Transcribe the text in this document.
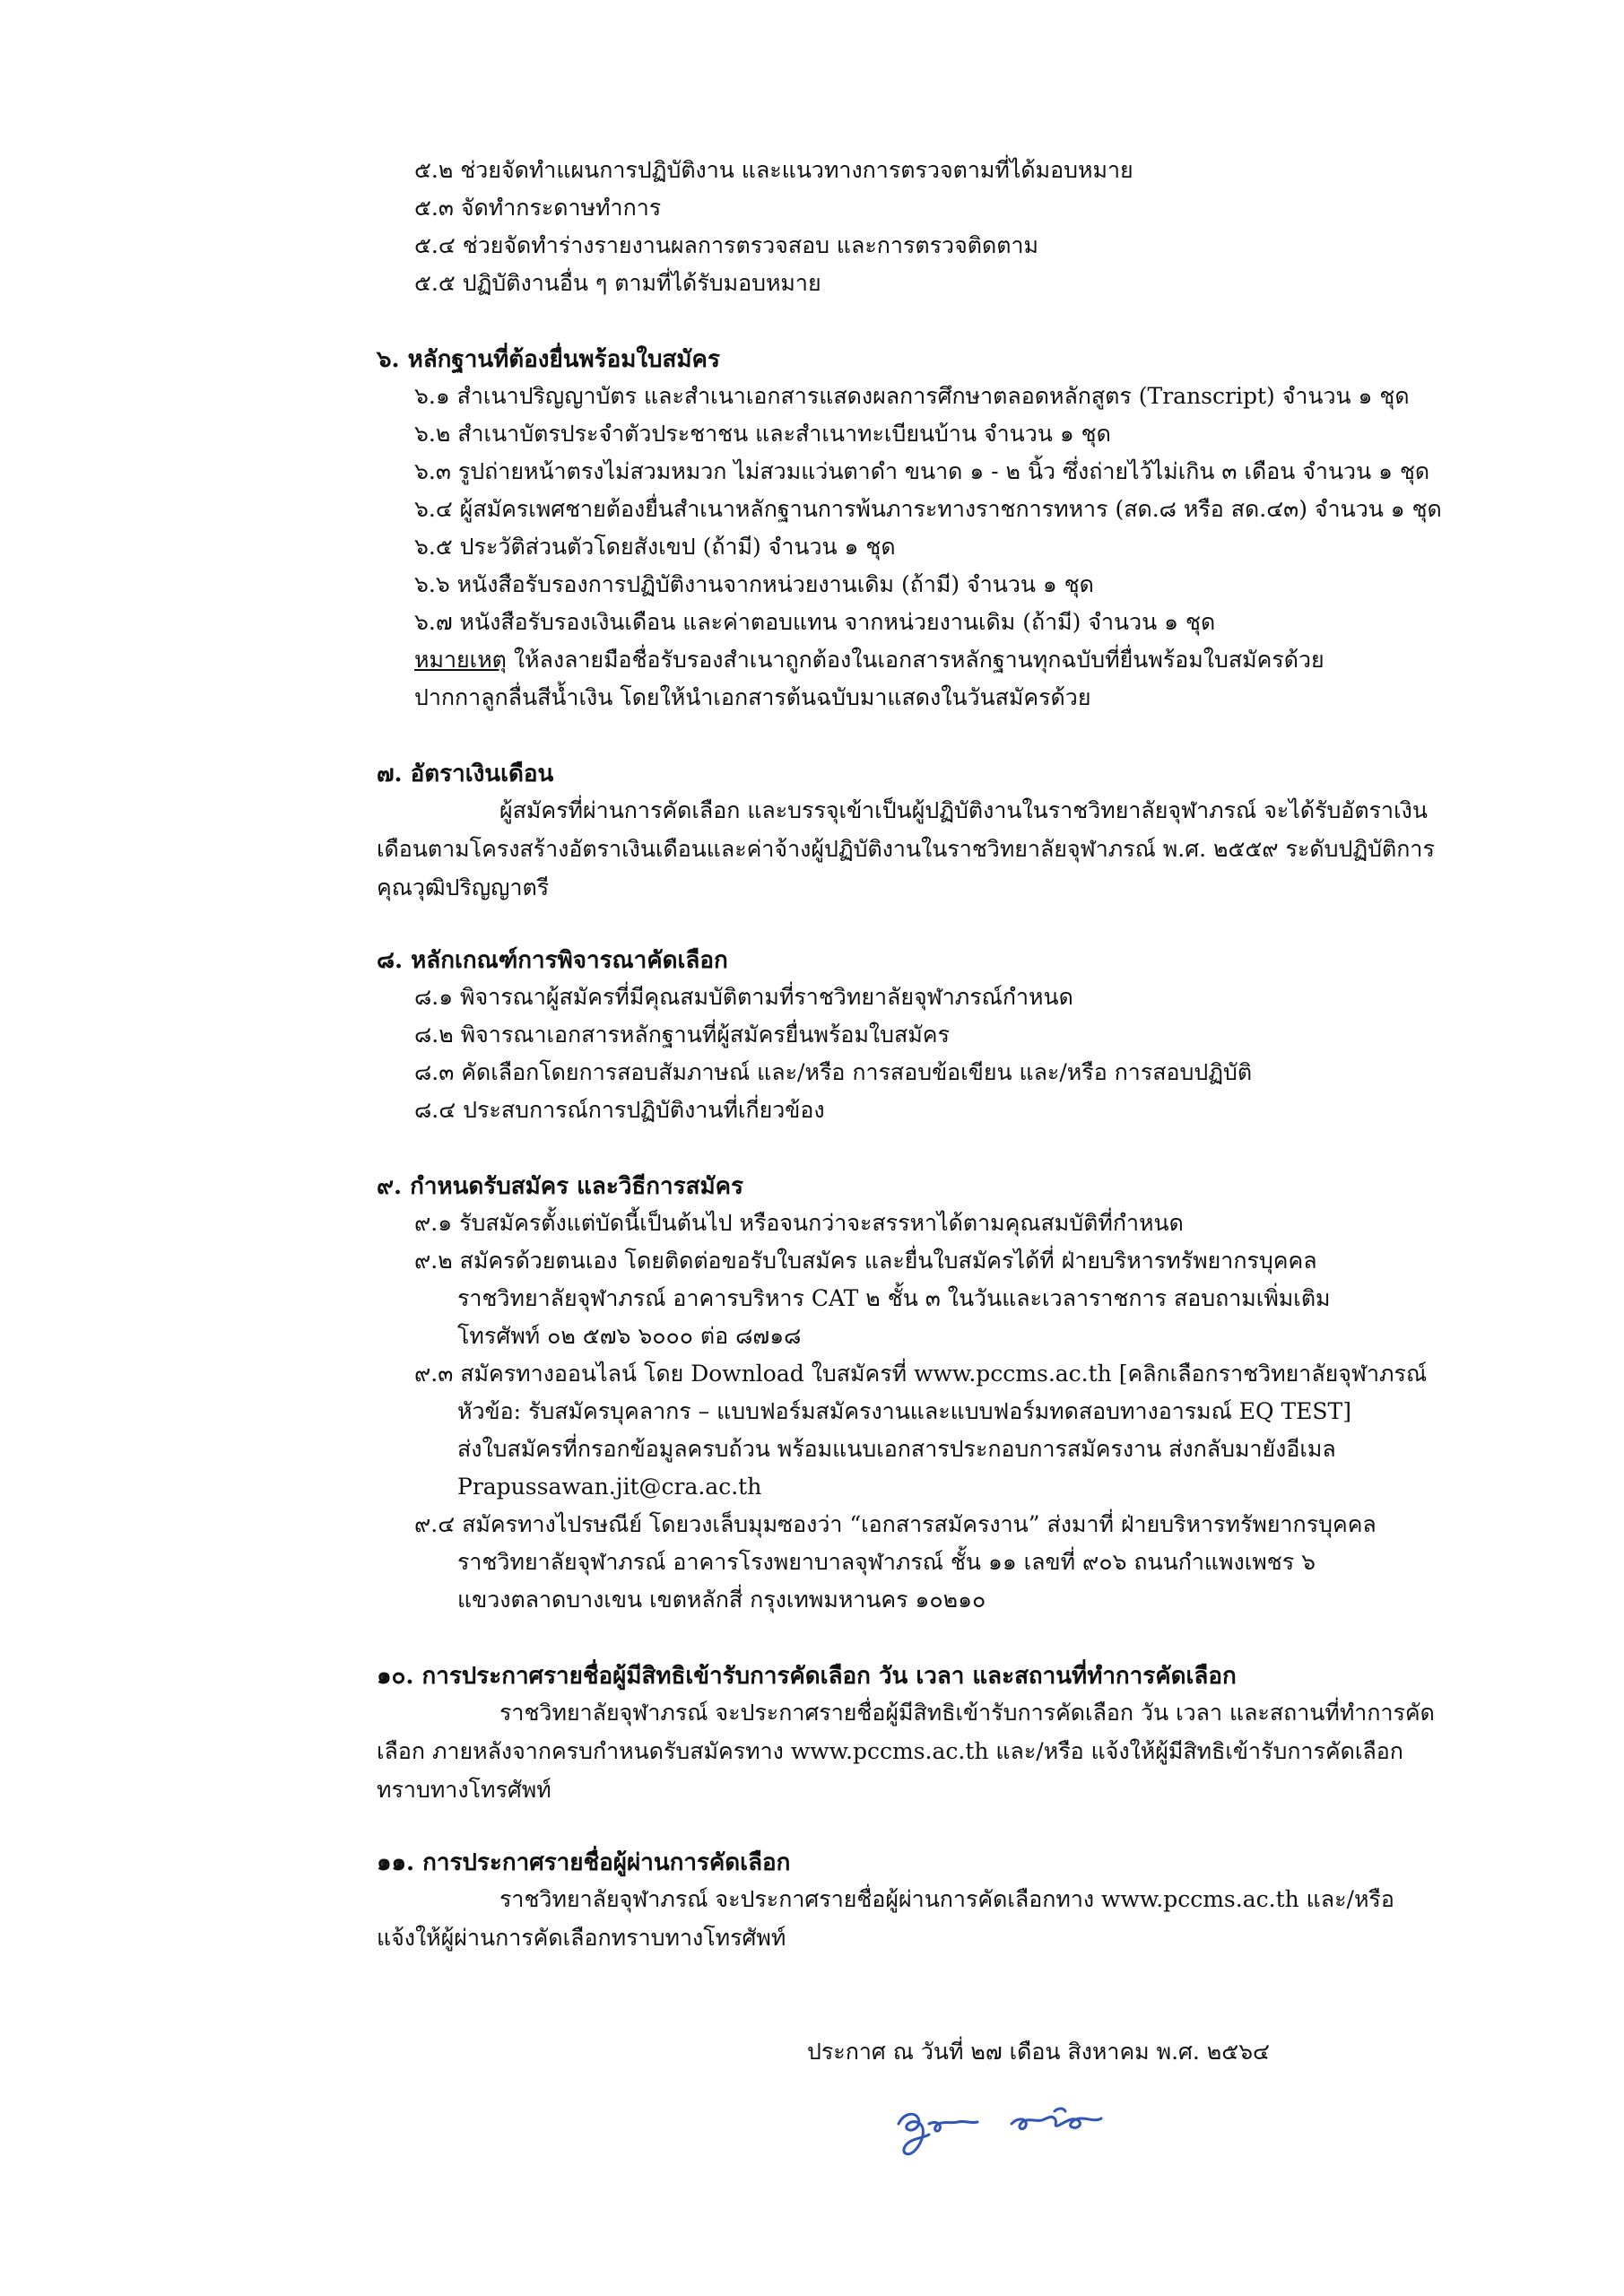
๕.๒ ช่วยจัดทำแผนการปฏิบัติงาน และแนวทางการตรวจตามที่ได้มอบหมาย

๕.๓ จัดทำกระดาษทำการ

๕.๔ ช่วยจัดทำร่างรายงานผลการตรวจสอบ และการตรวจติดตาม

๕.๕ ปฏิบัติงานอื่น ๆ ตามที่ได้รับมอบหมาย

๖. หลักฐานที่ต้องยื่นพร้อมใบสมัคร

๖.๑ สำเนาปริญญาบัตร และสำเนาเอกสารแสดงผลการศึกษาตลอดหลักสูตร (Transcript) จำนวน ๑ ชุด

๖.๒ สำเนาบัตรประจำตัวประชาชน และสำเนาทะเบียนบ้าน จำนวน ๑ ชุด

๖.๓ รูปถ่ายหน้าตรงไม่สวมหมวก ไม่สวมแว่นตาดำ ขนาด ๑ - ๒ นิ้ว ซึ่งถ่ายไว้ไม่เกิน ๓ เดือน จำนวน ๑ ชุด

๖.๔ ผู้สมัครเพศชายต้องยื่นสำเนาหลักฐานการพ้นภาระทางราชการทหาร (สด.๘ หรือ สด.๔๓) จำนวน ๑ ชุด

๖.๕ ประวัติส่วนตัวโดยสังเขป (ถ้ามี) จำนวน ๑ ชุด

๖.๖ หนังสือรับรองการปฏิบัติงานจากหน่วยงานเดิม (ถ้ามี) จำนวน ๑ ชุด

๖.๗ หนังสือรับรองเงินเดือน และค่าตอบแทน จากหน่วยงานเดิม (ถ้ามี) จำนวน ๑ ชุด

หมายเหตุ ให้ลงลายมือชื่อรับรองสำเนาถูกต้องในเอกสารหลักฐานทุกฉบับที่ยื่นพร้อมใบสมัครด้วย

ปากกาลูกลื่นสีน้ำเงิน โดยให้นำเอกสารต้นฉบับมาแสดงในวันสมัครด้วย

๗. อัตราเงินเดือน

ผู้สมัครที่ผ่านการคัดเลือก และบรรจุเข้าเป็นผู้ปฏิบัติงานในราชวิทยาลัยจุฬาภรณ์ จะได้รับอัตราเงิน

เดือนตามโครงสร้างอัตราเงินเดือนและค่าจ้างผู้ปฏิบัติงานในราชวิทยาลัยจุฬาภรณ์ พ.ศ. ๒๕๕๙ ระดับปฏิบัติการ

คุณวุฒิปริญญาตรี

๘. หลักเกณฑ์การพิจารณาคัดเลือก

๘.๑ พิจารณาผู้สมัครที่มีคุณสมบัติตามที่ราชวิทยาลัยจุฬาภรณ์กำหนด

๘.๒ พิจารณาเอกสารหลักฐานที่ผู้สมัครยื่นพร้อมใบสมัคร

๘.๓ คัดเลือกโดยการสอบสัมภาษณ์ และ/หรือ การสอบข้อเขียน และ/หรือ การสอบปฏิบัติ

๘.๔ ประสบการณ์การปฏิบัติงานที่เกี่ยวข้อง

๙. กำหนดรับสมัคร และวิธีการสมัคร

๙.๑ รับสมัครตั้งแต่บัดนี้เป็นต้นไป หรือจนกว่าจะสรรหาได้ตามคุณสมบัติที่กำหนด

๙.๒ สมัครด้วยตนเอง โดยติดต่อขอรับใบสมัคร และยื่นใบสมัครได้ที่ ฝ่ายบริหารทรัพยากรบุคคล

ราชวิทยาลัยจุฬาภรณ์ อาคารบริหาร CAT ๒ ชั้น ๓ ในวันและเวลาราชการ สอบถามเพิ่มเติม

โทรศัพท์ ๐๒ ๕๗๖ ๖๐๐๐ ต่อ ๘๗๑๘

๙.๓ สมัครทางออนไลน์ โดย Download ใบสมัครที่ www.pccms.ac.th [คลิกเลือกราชวิทยาลัยจุฬาภรณ์

หัวข้อ: รับสมัครบุคลากร – แบบฟอร์มสมัครงานและแบบฟอร์มทดสอบทางอารมณ์ EQ TEST]

ส่งใบสมัครที่กรอกข้อมูลครบถ้วน พร้อมแนบเอกสารประกอบการสมัครงาน ส่งกลับมายังอีเมล

Prapussawan.jit@cra.ac.th

๙.๔ สมัครทางไปรษณีย์ โดยวงเล็บมุมซองว่า “เอกสารสมัครงาน” ส่งมาที่ ฝ่ายบริหารทรัพยากรบุคคล

ราชวิทยาลัยจุฬาภรณ์ อาคารโรงพยาบาลจุฬาภรณ์ ชั้น ๑๑ เลขที่ ๙๐๖ ถนนกำแพงเพชร ๖

แขวงตลาดบางเขน เขตหลักสี่ กรุงเทพมหานคร ๑๐๒๑๐

๑๐. การประกาศรายชื่อผู้มีสิทธิเข้ารับการคัดเลือก วัน เวลา และสถานที่ทำการคัดเลือก

ราชวิทยาลัยจุฬาภรณ์ จะประกาศรายชื่อผู้มีสิทธิเข้ารับการคัดเลือก วัน เวลา และสถานที่ทำการคัด

เลือก ภายหลังจากครบกำหนดรับสมัครทาง www.pccms.ac.th และ/หรือ แจ้งให้ผู้มีสิทธิเข้ารับการคัดเลือก

ทราบทางโทรศัพท์

๑๑. การประกาศรายชื่อผู้ผ่านการคัดเลือก

ราชวิทยาลัยจุฬาภรณ์ จะประกาศรายชื่อผู้ผ่านการคัดเลือกทาง www.pccms.ac.th และ/หรือ

แจ้งให้ผู้ผ่านการคัดเลือกทราบทางโทรศัพท์

ประกาศ ณ วันที่ ๒๗ เดือน สิงหาคม พ.ศ. ๒๕๖๔
